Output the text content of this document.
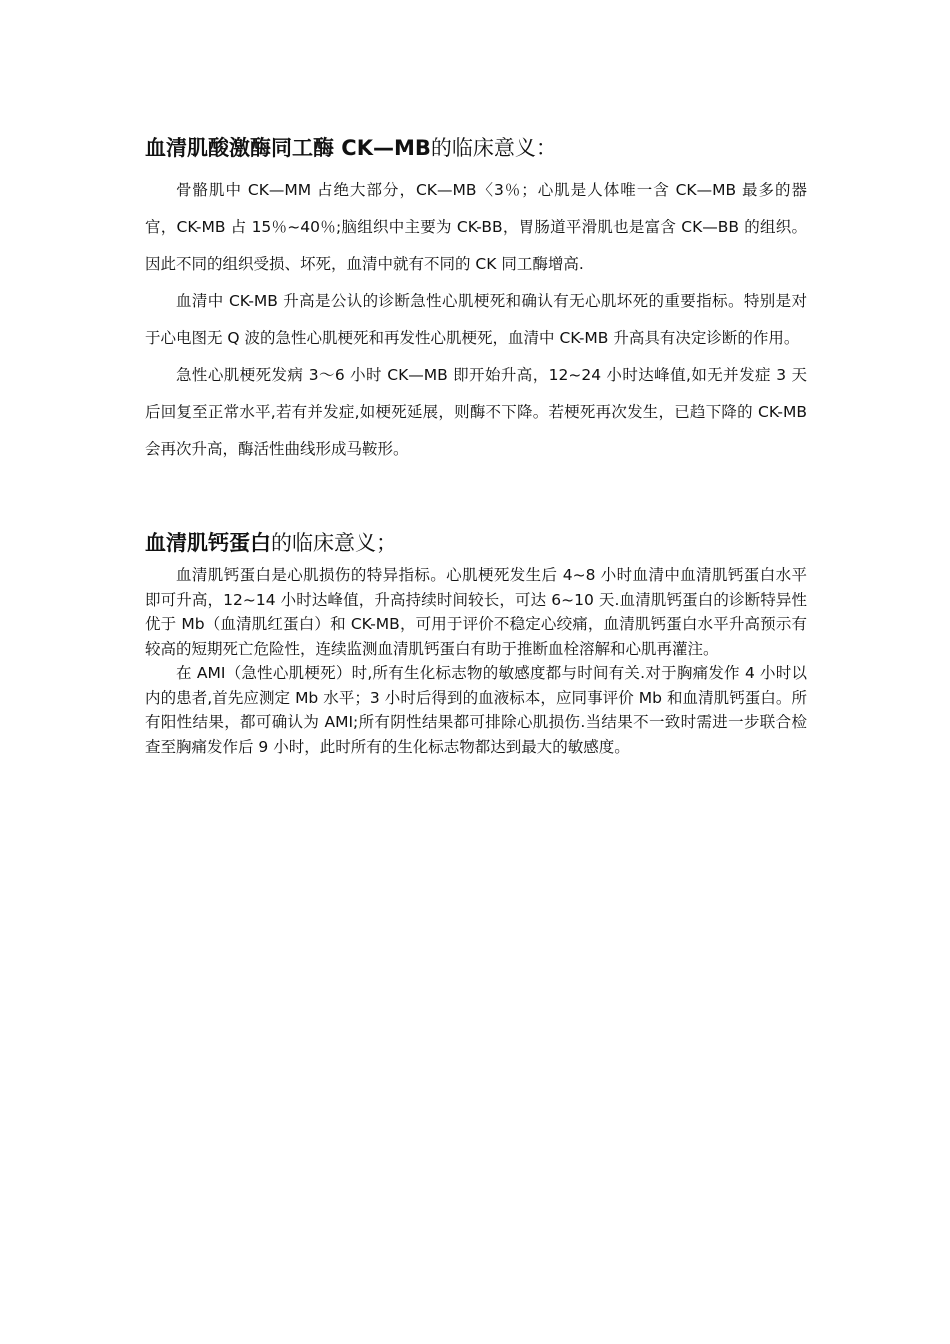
血清肌酸激酶同工酶 CK—MB的临床意义：

骨骼肌中 CK—MM 占绝大部分，CK—MB〈3％；心肌是人体唯一含 CK—MB 最多的器官，CK-MB 占 15％~40％;脑组织中主要为 CK-BB，胃肠道平滑肌也是富含 CK—BB 的组织。因此不同的组织受损、坏死，血清中就有不同的 CK 同工酶增高.

血清中 CK-MB 升高是公认的诊断急性心肌梗死和确认有无心肌坏死的重要指标。特别是对于心电图无 Q 波的急性心肌梗死和再发性心肌梗死，血清中 CK-MB 升高具有决定诊断的作用。

急性心肌梗死发病 3～6 小时 CK—MB 即开始升高，12~24 小时达峰值,如无并发症 3 天后回复至正常水平,若有并发症,如梗死延展，则酶不下降。若梗死再次发生，已趋下降的 CK-MB 会再次升高，酶活性曲线形成马鞍形。

血清肌钙蛋白的临床意义；

血清肌钙蛋白是心肌损伤的特异指标。心肌梗死发生后 4~8 小时血清中血清肌钙蛋白水平即可升高，12~14 小时达峰值，升高持续时间较长，可达 6~10 天.血清肌钙蛋白的诊断特异性优于 Mb（血清肌红蛋白）和 CK-MB，可用于评价不稳定心绞痛，血清肌钙蛋白水平升高预示有较高的短期死亡危险性，连续监测血清肌钙蛋白有助于推断血栓溶解和心肌再灌注。

在 AMI（急性心肌梗死）时,所有生化标志物的敏感度都与时间有关.对于胸痛发作 4 小时以内的患者,首先应测定 Mb 水平；3 小时后得到的血液标本，应同事评价 Mb 和血清肌钙蛋白。所有阳性结果，都可确认为 AMI;所有阴性结果都可排除心肌损伤.当结果不一致时需进一步联合检查至胸痛发作后 9 小时，此时所有的生化标志物都达到最大的敏感度。
